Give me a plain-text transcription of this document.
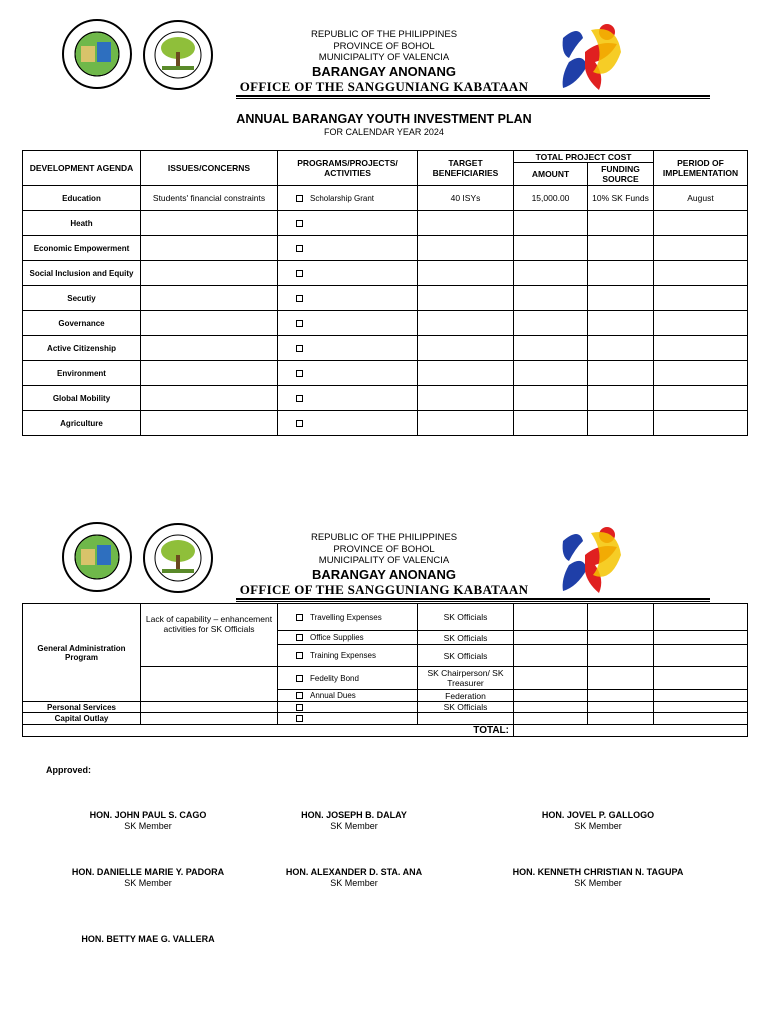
REPUBLIC OF THE PHILIPPINES
PROVINCE OF BOHOL
MUNICIPALITY OF VALENCIA
BARANGAY ANONANG
OFFICE OF THE SANGGUNIANG KABATAAN
ANNUAL BARANGAY YOUTH INVESTMENT PLAN
FOR CALENDAR YEAR 2024
DEVELOPMENT AGENDA	ISSUES/CONCERNS	PROGRAMS/PROJECTS/ ACTIVITIES	TARGET BENEFICIARIES	TOTAL PROJECT COST		PERIOD OF IMPLEMENTATION
				AMOUNT	FUNDING SOURCE	
Education	Students' financial constraints	Scholarship Grant	40 ISYs	15,000.00	10% SK Funds	August
Heath						
Economic Empowerment						
Social Inclusion and Equity						
Secutiy						
Governance						
Active Citizenship						
Environment						
Global Mobility						
Agriculture						
REPUBLIC OF THE PHILIPPINES
PROVINCE OF BOHOL
MUNICIPALITY OF VALENCIA
BARANGAY ANONANG
OFFICE OF THE SANGGUNIANG KABATAAN
General Administration Program	Lack of capability – enhancement activities for SK Officials	Travelling Expenses	SK Officials			
		Office Supplies	SK Officials			
		Training Expenses	SK Officials			
		Fedelity Bond	SK Chairperson/ SK Treasurer			
		Annual Dues	Federation			
Personal Services			SK Officials			
Capital Outlay						
TOTAL:						
Approved:
HON. JOHN PAUL S. CAGO
SK Member
HON. JOSEPH B. DALAY
SK Member
HON. JOVEL P. GALLOGO
SK Member
HON. DANIELLE MARIE Y. PADORA
SK Member
HON. ALEXANDER D. STA. ANA
SK Member
HON. KENNETH CHRISTIAN N. TAGUPA
SK Member
HON. BETTY MAE G. VALLERA
